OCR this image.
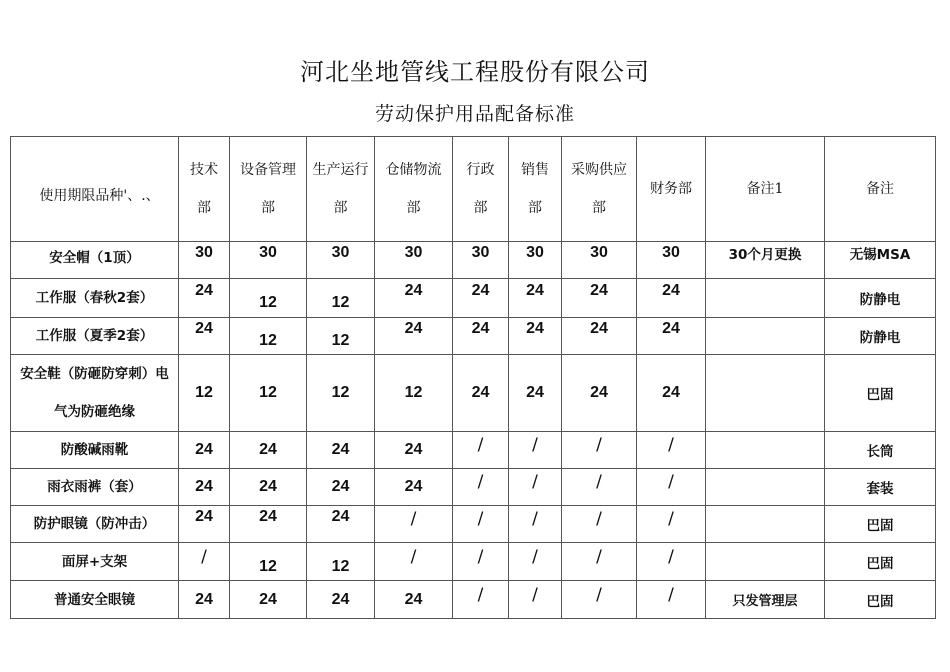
河北坐地管线工程股份有限公司
劳动保护用品配备标准
使用期限品种'、.、	技术部	设备管理部	生产运行部	仓储物流部	行政部	销售部	采购供应部	财务部	备注1	备注
安全帽（1顶）	30	30	30	30	30	30	30	30	30个月更换	无锡MSA
工作服（春秋2套）	24	12	12	24	24	24	24	24		防静电
工作服（夏季2套）	24	12	12	24	24	24	24	24		防静电
安全鞋（防砸防穿刺）电气为防砸绝缘	12	12	12	12	24	24	24	24		巴固
防酸碱雨靴	24	24	24	24	/	/	/	/		长筒
雨衣雨裤（套）	24	24	24	24	/	/	/	/		套装
防护眼镜（防冲击）	24	24	24	/	/	/	/	/		巴固
面屏+支架	/	12	12	/	/	/	/	/		巴固
普通安全眼镜	24	24	24	24	/	/	/	/	只发管理层	巴固
